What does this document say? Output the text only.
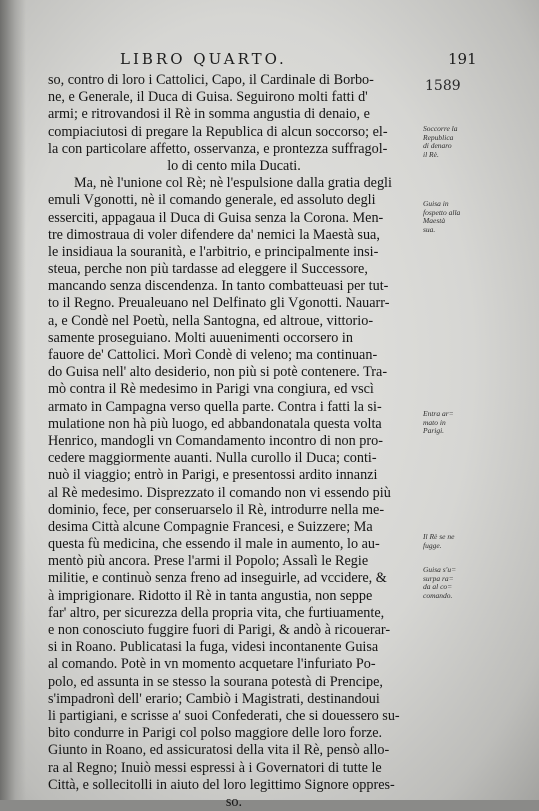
LIBRO QUARTO.	191
1589
so, contro di loro i Cattolici, Capo, il Cardinale di Borbo-
ne, e Generale, il Duca di Guisa. Seguirono molti fatti d'
armi; e ritrovandosi il Rè in somma angustia di denaio, e
compiaciutosi di pregare la Republica di alcun soccorso; el-
la con particolare affetto, osservanza, e prontezza suffragol-
lo di cento mila Ducati.
Ma, nè l'unione col Rè; nè l'espulsione dalla gratia degli
emuli Vgonotti, nè il comando generale, ed assoluto degli
esserciti, appagaua il Duca di Guisa senza la Corona. Men-
tre dimostraua di voler difendere da' nemici la Maestà sua,
le insidiaua la souranità, e l'arbitrio, e principalmente insi-
steua, perche non più tardasse ad eleggere il Successore,
mancando senza discendenza. In tanto combatteuasi per tut-
to il Regno. Preualeuano nel Delfinato gli Vgonotti. Nauarr-
a, e Condè nel Poetù, nella Santogna, ed altroue, vittorio-
samente proseguiano. Molti auuenimenti occorsero in
fauore de' Cattolici. Morì Condè di veleno; ma continuan-
do Guisa nell' alto desiderio, non più si potè contenere. Tra-
mò contra il Rè medesimo in Parigi vna congiura, ed vscì
armato in Campagna verso quella parte. Contra i fatti la si-
mulatione non hà più luogo, ed abbandonatala questa volta
Henrico, mandogli vn Comandamento incontro di non pro-
cedere maggiormente auanti. Nulla curollo il Duca; conti-
nuò il viaggio; entrò in Parigi, e presentossi ardito innanzi
al Rè medesimo. Disprezzato il comando non vi essendo più
dominio, fece, per conseruarselo il Rè, introdurre nella me-
desima Città alcune Compagnie Francesi, e Suizzere; Ma
questa fù medicina, che essendo il male in aumento, lo au-
mentò più ancora. Prese l'armi il Popolo; Assalì le Regie
militie, e continuò senza freno ad inseguirle, ad vccidere, &
à imprigionare. Ridotto il Rè in tanta angustia, non seppe
far' altro, per sicurezza della propria vita, che furtiuamente,
e non conosciuto fuggire fuori di Parigi, & andò à ricouerar-
si in Roano. Publicatasi la fuga, videsi incontanente Guisa
al comando. Potè in vn momento acquetare l'infuriato Po-
polo, ed assunta in se stesso la sourana potestà di Prencipe,
s'impadronì dell' erario; Cambiò i Magistrati, destinandoui
li partigiani, e scrisse a' suoi Confederati, che si douessero su-
bito condurre in Parigi col polso maggiore delle loro forze.
Giunto in Roano, ed assicuratosi della vita il Rè, pensò allo-
ra al Regno; Inuiò messi espressi à i Governatori di tutte le
Città, e sollecitolli in aiuto del loro legittimo Signore oppres-
so.
Soccorre la
Republica
di denaro
il Rè.
Guisa in
fospetto alla
Maestà
sua.
Entra ar=
mato in
Parigi.
Il Rè se ne
fugge.
Guisa s'u=
surpa ra=
da al co=
comando.
